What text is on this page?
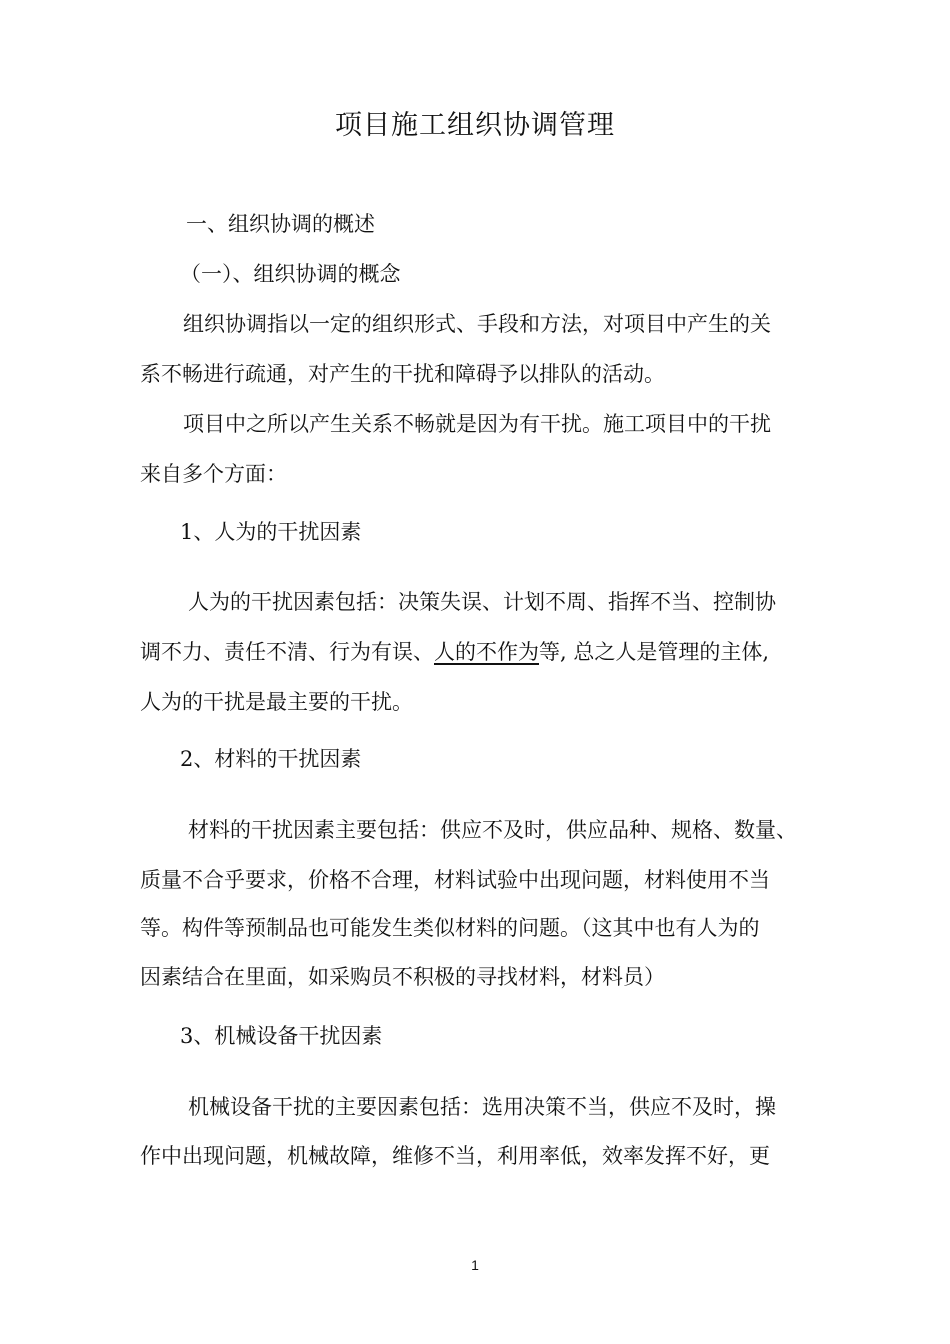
项目施工组织协调管理

一、组织协调的概述

（一）、组织协调的概念

组织协调指以一定的组织形式、手段和方法，对项目中产生的关

系不畅进行疏通，对产生的干扰和障碍予以排队的活动。

项目中之所以产生关系不畅就是因为有干扰。施工项目中的干扰

来自多个方面：

1、人为的干扰因素

人为的干扰因素包括：决策失误、计划不周、指挥不当、控制协

调不力、责任不清、行为有误、人的不作为等, 总之人是管理的主体,

人为的干扰是最主要的干扰。

2、材料的干扰因素

材料的干扰因素主要包括：供应不及时，供应品种、规格、数量、

质量不合乎要求，价格不合理，材料试验中出现问题，材料使用不当

等。构件等预制品也可能发生类似材料的问题。（这其中也有人为的

因素结合在里面，如采购员不积极的寻找材料，材料员）

3、机械设备干扰因素

机械设备干扰的主要因素包括：选用决策不当，供应不及时，操

作中出现问题，机械故障，维修不当，利用率低，效率发挥不好，更

1
